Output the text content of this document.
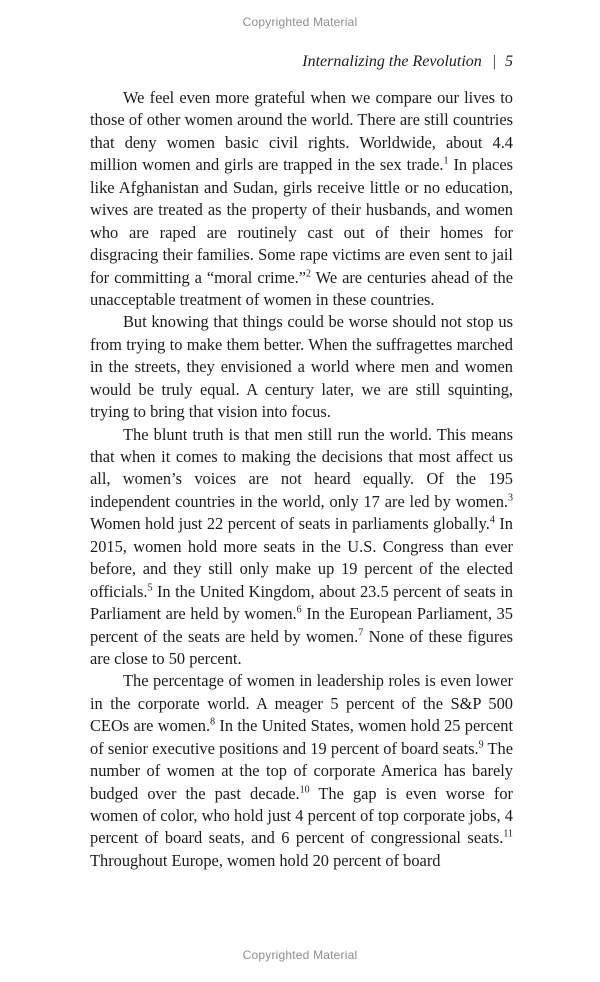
Copyrighted Material
Internalizing the Revolution | 5

We feel even more grateful when we compare our lives to those of other women around the world. There are still countries that deny women basic civil rights. Worldwide, about 4.4 million women and girls are trapped in the sex trade.$^1$ In places like Afghanistan and Sudan, girls receive little or no education, wives are treated as the property of their husbands, and women who are raped are routinely cast out of their homes for disgracing their families. Some rape victims are even sent to jail for committing a “moral crime.”$^2$ We are centuries ahead of the unacceptable treatment of women in these countries.

But knowing that things could be worse should not stop us from trying to make them better. When the suffragettes marched in the streets, they envisioned a world where men and women would be truly equal. A century later, we are still squinting, trying to bring that vision into focus.

The blunt truth is that men still run the world. This means that when it comes to making the decisions that most affect us all, women’s voices are not heard equally. Of the 195 independent countries in the world, only 17 are led by women.$^3$ Women hold just 22 percent of seats in parliaments globally.$^4$ In 2015, women hold more seats in the U.S. Congress than ever before, and they still only make up 19 percent of the elected officials.$^5$ In the United Kingdom, about 23.5 percent of seats in Parliament are held by women.$^6$ In the European Parliament, 35 percent of the seats are held by women.$^7$ None of these figures are close to 50 percent.

The percentage of women in leadership roles is even lower in the corporate world. A meager 5 percent of the S&P 500 CEOs are women.$^8$ In the United States, women hold 25 percent of senior executive positions and 19 percent of board seats.$^9$ The number of women at the top of corporate America has barely budged over the past decade.$^{10}$ The gap is even worse for women of color, who hold just 4 percent of top corporate jobs, 4 percent of board seats, and 6 percent of congressional seats.$^{11}$ Throughout Europe, women hold 20 percent of board

Copyrighted Material
